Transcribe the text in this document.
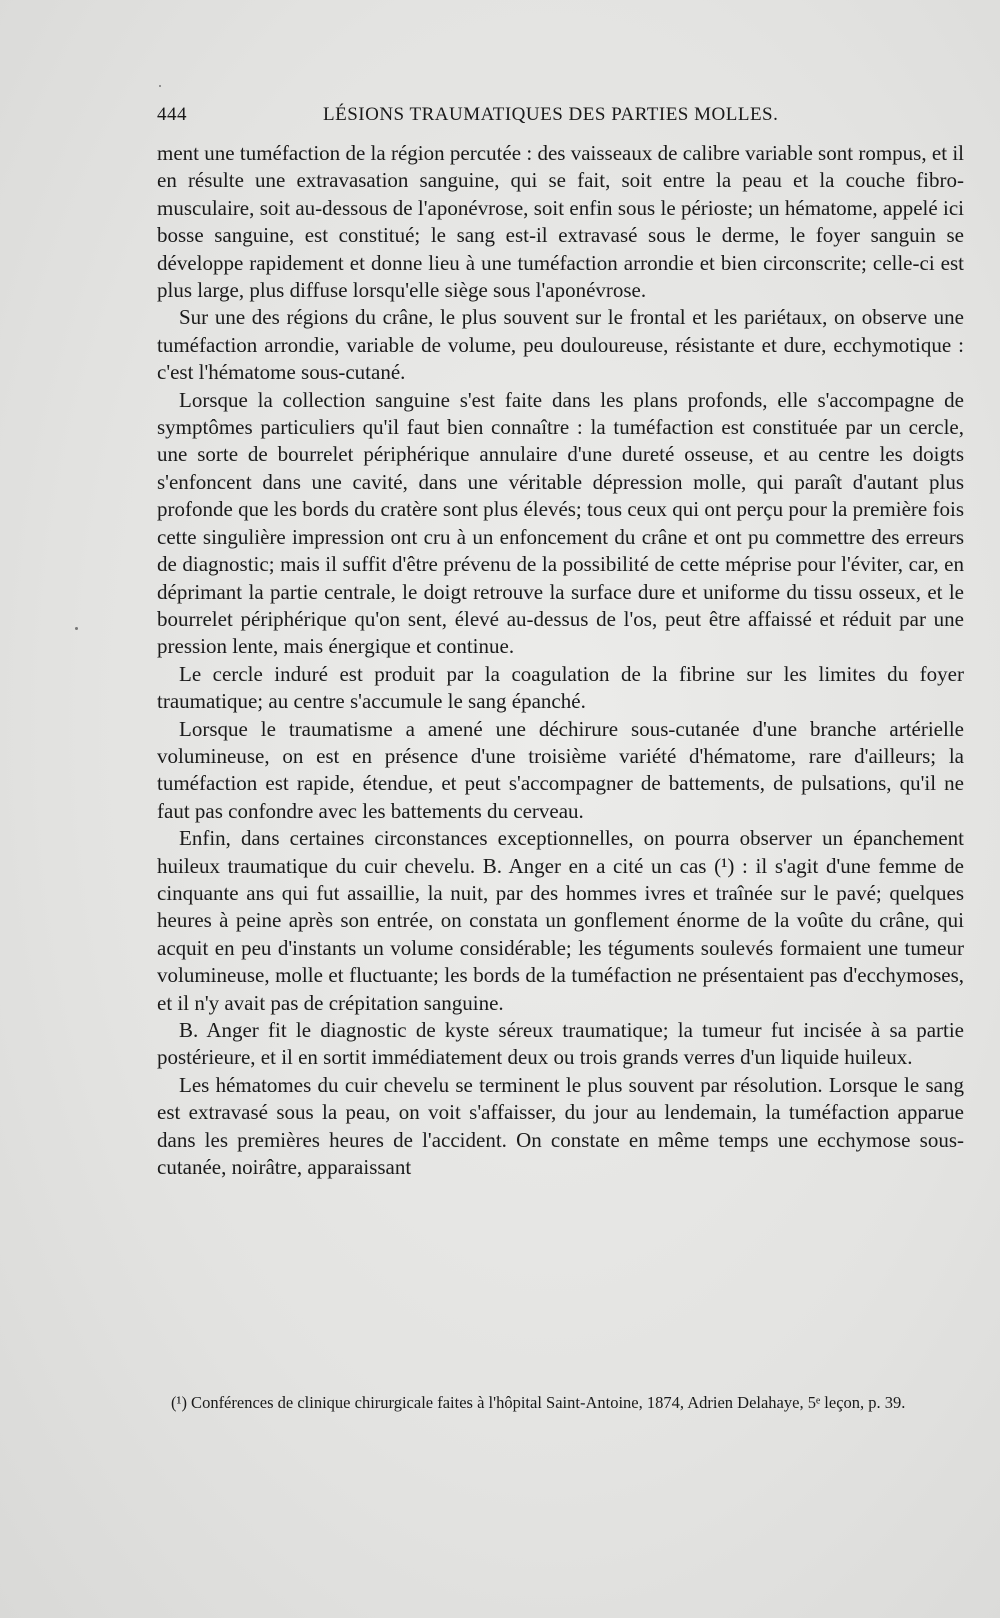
444	LÉSIONS TRAUMATIQUES DES PARTIES MOLLES.

ment une tuméfaction de la région percutée : des vaisseaux de calibre variable sont rompus, et il en résulte une extravasation sanguine, qui se fait, soit entre la peau et la couche fibro-musculaire, soit au-dessous de l'aponévrose, soit enfin sous le périoste; un hématome, appelé ici bosse sanguine, est constitué; le sang est-il extravasé sous le derme, le foyer sanguin se développe rapidement et donne lieu à une tuméfaction arrondie et bien circonscrite; celle-ci est plus large, plus diffuse lorsqu'elle siège sous l'aponévrose.

Sur une des régions du crâne, le plus souvent sur le frontal et les pariétaux, on observe une tuméfaction arrondie, variable de volume, peu douloureuse, résistante et dure, ecchymotique : c'est l'hématome sous-cutané.

Lorsque la collection sanguine s'est faite dans les plans profonds, elle s'accompagne de symptômes particuliers qu'il faut bien connaître : la tuméfaction est constituée par un cercle, une sorte de bourrelet périphérique annulaire d'une dureté osseuse, et au centre les doigts s'enfoncent dans une cavité, dans une véritable dépression molle, qui paraît d'autant plus profonde que les bords du cratère sont plus élevés; tous ceux qui ont perçu pour la première fois cette singulière impression ont cru à un enfoncement du crâne et ont pu commettre des erreurs de diagnostic; mais il suffit d'être prévenu de la possibilité de cette méprise pour l'éviter, car, en déprimant la partie centrale, le doigt retrouve la surface dure et uniforme du tissu osseux, et le bourrelet périphérique qu'on sent, élevé au-dessus de l'os, peut être affaissé et réduit par une pression lente, mais énergique et continue.

Le cercle induré est produit par la coagulation de la fibrine sur les limites du foyer traumatique; au centre s'accumule le sang épanché.

Lorsque le traumatisme a amené une déchirure sous-cutanée d'une branche artérielle volumineuse, on est en présence d'une troisième variété d'hématome, rare d'ailleurs; la tuméfaction est rapide, étendue, et peut s'accompagner de battements, de pulsations, qu'il ne faut pas confondre avec les battements du cerveau.

Enfin, dans certaines circonstances exceptionnelles, on pourra observer un épanchement huileux traumatique du cuir chevelu. B. Anger en a cité un cas (¹) : il s'agit d'une femme de cinquante ans qui fut assaillie, la nuit, par des hommes ivres et traînée sur le pavé; quelques heures à peine après son entrée, on constata un gonflement énorme de la voûte du crâne, qui acquit en peu d'instants un volume considérable; les téguments soulevés formaient une tumeur volumineuse, molle et fluctuante; les bords de la tuméfaction ne présentaient pas d'ecchymoses, et il n'y avait pas de crépitation sanguine.

B. Anger fit le diagnostic de kyste séreux traumatique; la tumeur fut incisée à sa partie postérieure, et il en sortit immédiatement deux ou trois grands verres d'un liquide huileux.

Les hématomes du cuir chevelu se terminent le plus souvent par résolution. Lorsque le sang est extravasé sous la peau, on voit s'affaisser, du jour au lendemain, la tuméfaction apparue dans les premières heures de l'accident. On constate en même temps une ecchymose sous-cutanée, noirâtre, apparaissant

(¹) Conférences de clinique chirurgicale faites à l'hôpital Saint-Antoine, 1874, Adrien Delahaye, 5ᵉ leçon, p. 39.
